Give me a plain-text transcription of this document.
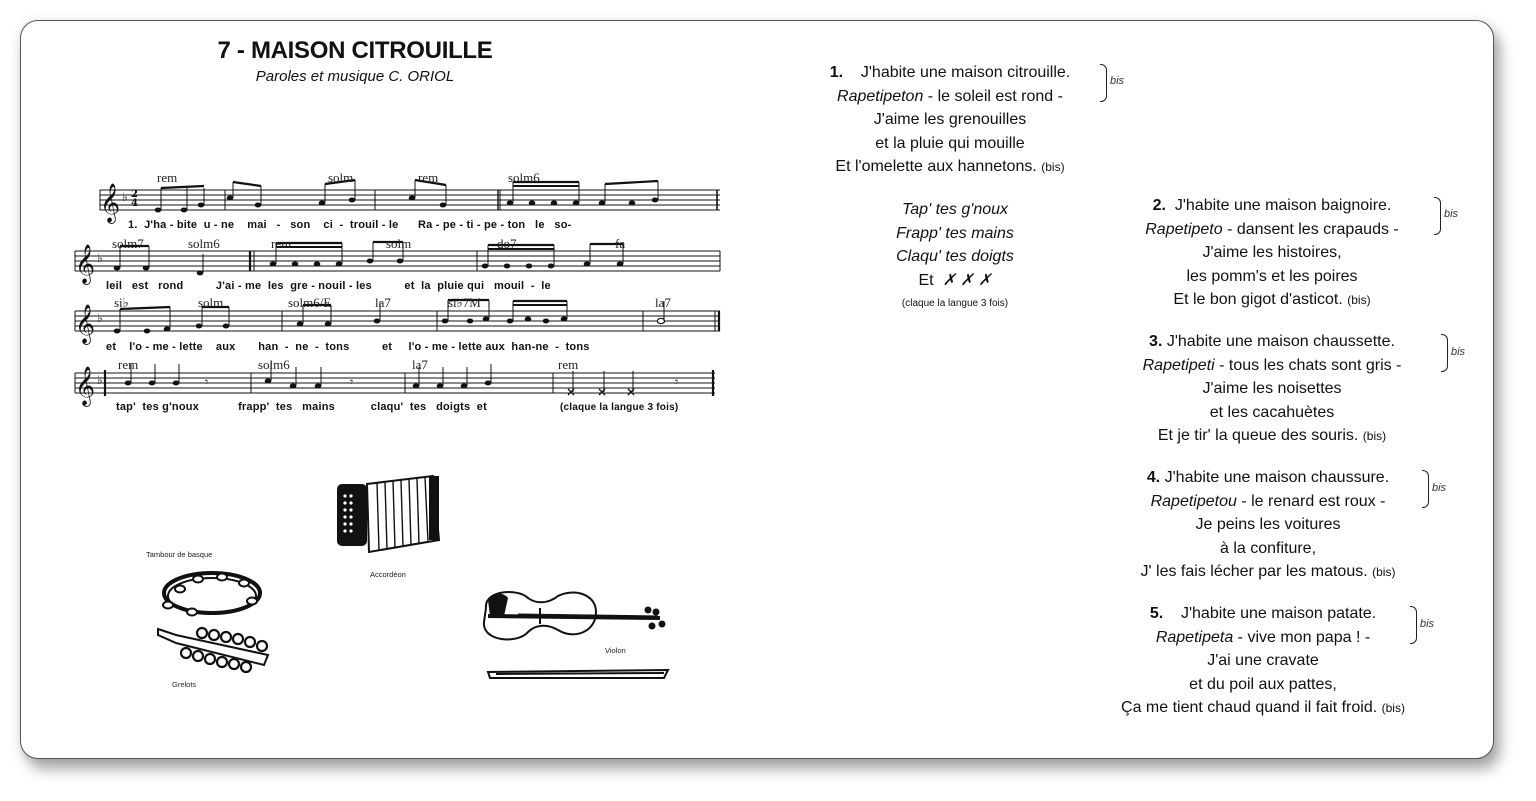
7 - MAISON CITROUILLE
Paroles et musique C. ORIOL
𝄞 ♭ 2
4
𝄞 ♭
𝄞 ♭
𝄞 ♭	𝄾	𝄾	𝄾
rem	solm	rem	solm6
1.  J'ha - bite  u - ne    mai   -   son    ci  -  trouil - le      Ra - pe - ti - pe - ton   le   so-
solm7	solm6	rem	solm	do7	fa
leil   est   rond          J'ai - me  les  gre - nouil - les          et  la  pluie qui   mouil  -  le
si♭	solm	solm6/E	la7	si♭7M	la7
et    l'o - me - lette    aux       han  -  ne  -  tons          et     l'o - me - lette aux  han-ne  -  tons
rem	solm6	la7	rem
tap'  tes g'noux            frapp'  tes   mains           claqu'  tes   doigts  et	(claque la langue 3 fois)
Accordéon
Tambour de basque
Grelots
Violon
Tap' tes g'noux
Frapp' tes mains
Claqu' tes doigts
Et ✗ ✗ ✗
(claque la langue 3 fois)
1. J'habite une maison citrouille.
Rapetipeton - le soleil est rond -
J'aime les grenouilles
et la pluie qui mouille
Et l'omelette aux hannetons. (bis)
bis
2. J'habite une maison baignoire.
Rapetipeto - dansent les crapauds -
J'aime les histoires,
les pomm's et les poires
Et le bon gigot d'asticot. (bis)
bis
3. J'habite une maison chaussette.
Rapetipeti - tous les chats sont gris -
J'aime les noisettes
et les cacahuètes
Et je tir' la queue des souris. (bis)
bis
4. J'habite une maison chaussure.
Rapetipetou - le renard est roux -
Je peins les voitures
à la confiture,
J' les fais lécher par les matous. (bis)
bis
5. J'habite une maison patate.
Rapetipeta - vive mon papa ! -
J'ai une cravate
et du poil aux pattes,
Ça me tient chaud quand il fait froid. (bis)
bis
